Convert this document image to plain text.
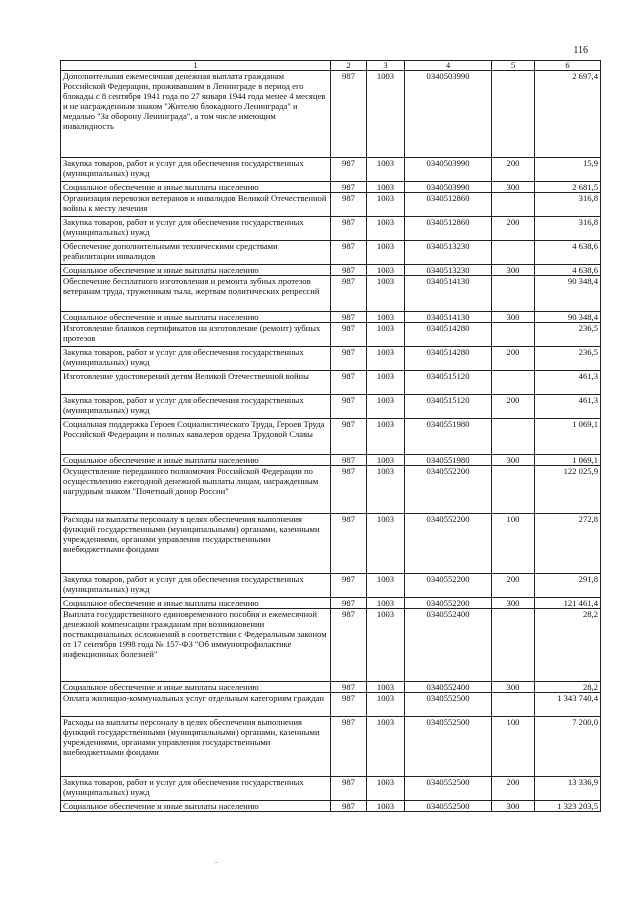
116
1	2	3	4	5	6
Дополнительная ежемесячная денежная выплата гражданам Российской Федерации, проживавшим в Ленинграде в период его блокады с 8 сентября 1941 года по 27 января 1944 года менее 4 месяцев и не награжденным знаком "Жителю блокадного Ленинграда" и медалью "За оборону Ленинграда", а том числе имеющим инвалидность	987	1003	0340503990		2 697,4
Закупка товаров, работ и услуг для обеспечения государственных (муниципальных) нужд	987	1003	0340503990	200	15,9
Социальное обеспечение и иные выплаты населению	987	1003	0340503990	300	2 681,5
Организация перевозки ветеранов и инвалидов Великой Отечественной войны к месту лечения	987	1003	0340512860		316,8
Закупка товаров, работ и услуг для обеспечения государственных (муниципальных) нужд	987	1003	0340512860	200	316,8
Обеспечение дополнительными техническими средствами реабилитации инвалидов	987	1003	0340513230		4 638,6
Социальное обеспечение и иные выплаты населению	987	1003	0340513230	300	4 638,6
Обеспечение бесплатного изготовления и ремонта зубных протезов ветеранам труда, труженикам тыла, жертвам политических репрессий	987	1003	0340514130		90 348,4
Социальное обеспечение и иные выплаты населению	987	1003	0340514130	300	90 348,4
Изготовление бланков сертификатов на изготовление (ремонт) зубных протезов	987	1003	0340514280		236,5
Закупка товаров, работ и услуг для обеспечения государственных (муниципальных) нужд	987	1003	0340514280	200	236,5
Изготовление удостоверений детям Великой Отечественной войны	987	1003	0340515120		461,3
Закупка товаров, работ и услуг для обеспечения государственных (муниципальных) нужд	987	1003	0340515120	200	461,3
Социальная поддержка Героев Социалистического Труда, Героев Труда Российской Федерации и полных кавалеров ордена Трудовой Славы	987	1003	0340551980		1 069,1
Социальное обеспечение и иные выплаты населению	987	1003	0340551980	300	1 069,1
Осуществление переданного полномочия Российской Федерации по осуществлению ежегодной денежной выплаты лицам, награжденным нагрудным знаком "Почетный донор России"	987	1003	0340552200		122 025,9
Расходы на выплаты персоналу в целях обеспечения выполнения функций государственными (муниципальными) органами, казенными учреждениями, органами управления государственными внебюджетными фондами	987	1003	0340552200	100	272,8
Закупка товаров, работ и услуг для обеспечения государственных (муниципальных) нужд	987	1003	0340552200	200	291,8
Социальное обеспечение и иные выплаты населению	987	1003	0340552200	300	121 461,4
Выплата государственного единовременного пособия и ежемесячной денежной компенсации гражданам при возникновении поствакцинальных осложнений в соответствии с Федеральным законом от 17 сентября 1998 года № 157-ФЗ "Об иммунопрофилактике инфекционных болезней"	987	1003	0340552400		28,2
Социальное обеспечение и иные выплаты населению	987	1003	0340552400	300	28,2
Оплата жилищно-коммунальных услуг отдельным категориям граждан	987	1003	0340552500		1 343 740,4
Расходы на выплаты персоналу в целях обеспечения выполнения функций государственными (муниципальными) органами, казенными учреждениями, органами управления государственными внебюджетными фондами	987	1003	0340552500	100	7 200,0
Закупка товаров, работ и услуг для обеспечения государственных (муниципальных) нужд	987	1003	0340552500	200	13 336,9
Социальное обеспечение и иные выплаты населению	987	1003	0340552500	300	1 323 203,5
.
